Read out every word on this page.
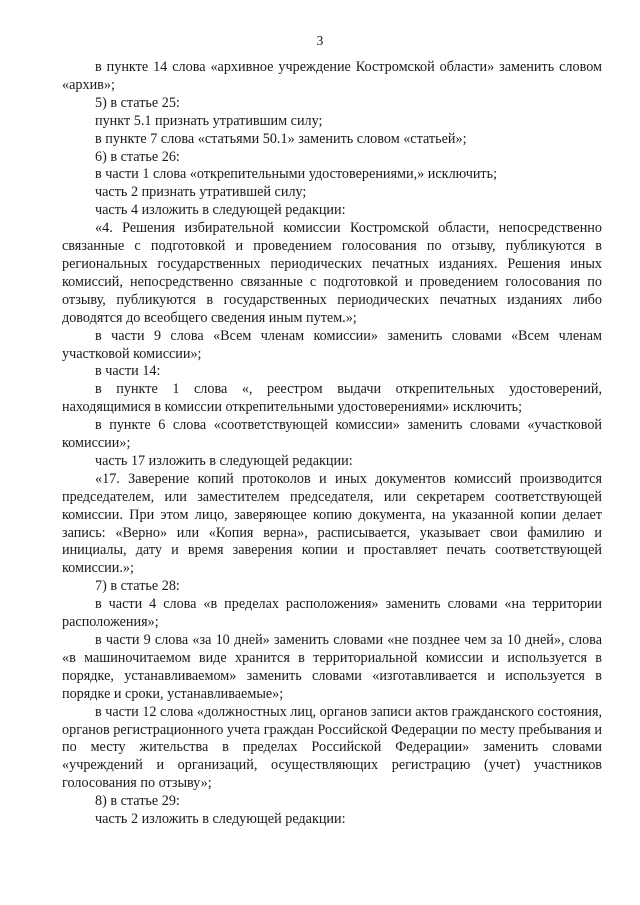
3

в пункте 14 слова «архивное учреждение Костромской области» заменить словом «архив»;

5) в статье 25:

пункт 5.1 признать утратившим силу;

в пункте 7 слова «статьями 50.1» заменить словом «статьей»;

6) в статье 26:

в части 1 слова «открепительными удостоверениями,» исключить;

часть 2 признать утратившей силу;

часть 4 изложить в следующей редакции:

«4. Решения избирательной комиссии Костромской области, непосредственно связанные с подготовкой и проведением голосования по отзыву, публикуются в региональных государственных периодических печатных изданиях. Решения иных комиссий, непосредственно связанные с подготовкой и проведением голосования по отзыву, публикуются в государственных периодических печатных изданиях либо доводятся до всеобщего сведения иным путем.»;

в части 9 слова «Всем членам комиссии» заменить словами «Всем членам участковой комиссии»;

в части 14:

в пункте 1 слова «, реестром выдачи открепительных удостоверений, находящимися в комиссии открепительными удостоверениями» исключить;

в пункте 6 слова «соответствующей комиссии» заменить словами «участковой комиссии»;

часть 17 изложить в следующей редакции:

«17. Заверение копий протоколов и иных документов комиссий производится председателем, или заместителем председателя, или секретарем соответствующей комиссии. При этом лицо, заверяющее копию документа, на указанной копии делает запись: «Верно» или «Копия верна», расписывается, указывает свои фамилию и инициалы, дату и время заверения копии и проставляет печать соответствующей комиссии.»;

7) в статье 28:

в части 4 слова «в пределах расположения» заменить словами «на территории расположения»;

в части 9 слова «за 10 дней» заменить словами «не позднее чем за 10 дней», слова «в машиночитаемом виде хранится в территориальной комиссии и используется в порядке, устанавливаемом» заменить словами «изготавливается и используется в порядке и сроки, устанавливаемые»;

в части 12 слова «должностных лиц, органов записи актов гражданского состояния, органов регистрационного учета граждан Российской Федерации по месту пребывания и по месту жительства в пределах Российской Федерации» заменить словами «учреждений и организаций, осуществляющих регистрацию (учет) участников голосования по отзыву»;

8) в статье 29:

часть 2 изложить в следующей редакции:
